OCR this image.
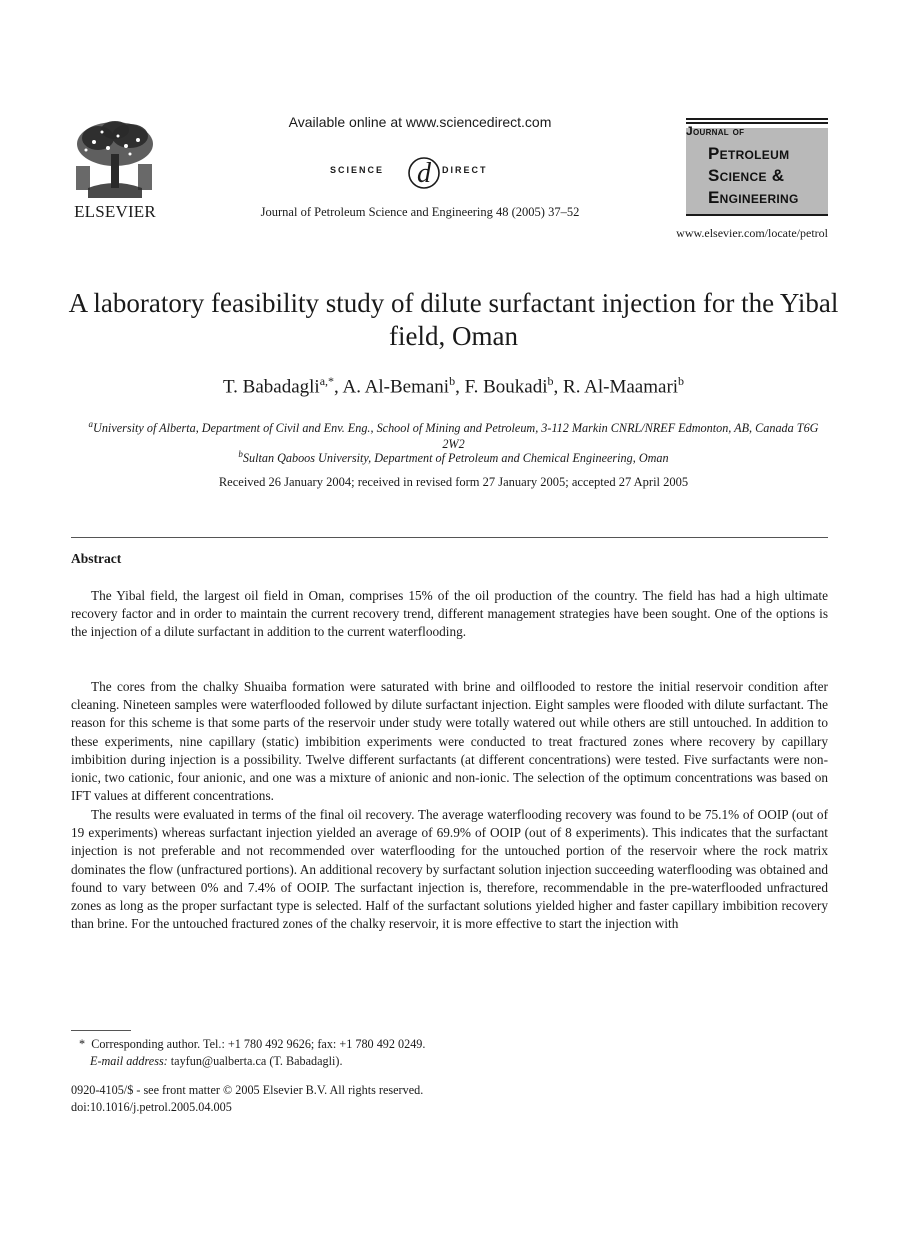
ELSEVIER
Available online at www.sciencedirect.com
SCIENCE d DIRECT
Journal of Petroleum Science and Engineering 48 (2005) 37–52
Journal of
Petroleum
Science &
Engineering
www.elsevier.com/locate/petrol
A laboratory feasibility study of dilute surfactant injection for the Yibal field, Oman
T. Babadagli$^{a,*}$, A. Al-Bemani$^b$, F. Boukadi$^b$, R. Al-Maamari$^b$
$^a$University of Alberta, Department of Civil and Env. Eng., School of Mining and Petroleum, 3-112 Markin CNRL/NREF Edmonton, AB, Canada T6G 2W2
$^b$Sultan Qaboos University, Department of Petroleum and Chemical Engineering, Oman
Received 26 January 2004; received in revised form 27 January 2005; accepted 27 April 2005
Abstract

The Yibal field, the largest oil field in Oman, comprises 15% of the oil production of the country. The field has had a high ultimate recovery factor and in order to maintain the current recovery trend, different management strategies have been sought. One of the options is the injection of a dilute surfactant in addition to the current waterflooding.

The cores from the chalky Shuaiba formation were saturated with brine and oilflooded to restore the initial reservoir condition after cleaning. Nineteen samples were waterflooded followed by dilute surfactant injection. Eight samples were flooded with dilute surfactant. The reason for this scheme is that some parts of the reservoir under study were totally watered out while others are still untouched. In addition to these experiments, nine capillary (static) imbibition experiments were conducted to treat fractured zones where recovery by capillary imbibition during injection is a possibility. Twelve different surfactants (at different concentrations) were tested. Five surfactants were non-ionic, two cationic, four anionic, and one was a mixture of anionic and non-ionic. The selection of the optimum concentrations was based on IFT values at different concentrations.

The results were evaluated in terms of the final oil recovery. The average waterflooding recovery was found to be 75.1% of OOIP (out of 19 experiments) whereas surfactant injection yielded an average of 69.9% of OOIP (out of 8 experiments). This indicates that the surfactant injection is not preferable and not recommended over waterflooding for the untouched portion of the reservoir where the rock matrix dominates the flow (unfractured portions). An additional recovery by surfactant solution injection succeeding waterflooding was obtained and found to vary between 0% and 7.4% of OOIP. The surfactant injection is, therefore, recommendable in the pre-waterflooded unfractured zones as long as the proper surfactant type is selected. Half of the surfactant solutions yielded higher and faster capillary imbibition recovery than brine. For the untouched fractured zones of the chalky reservoir, it is more effective to start the injection with

* Corresponding author. Tel.: +1 780 492 9626; fax: +1 780 492 0249.
E-mail address: tayfun@ualberta.ca (T. Babadagli).
0920-4105/$ - see front matter © 2005 Elsevier B.V. All rights reserved.
doi:10.1016/j.petrol.2005.04.005
